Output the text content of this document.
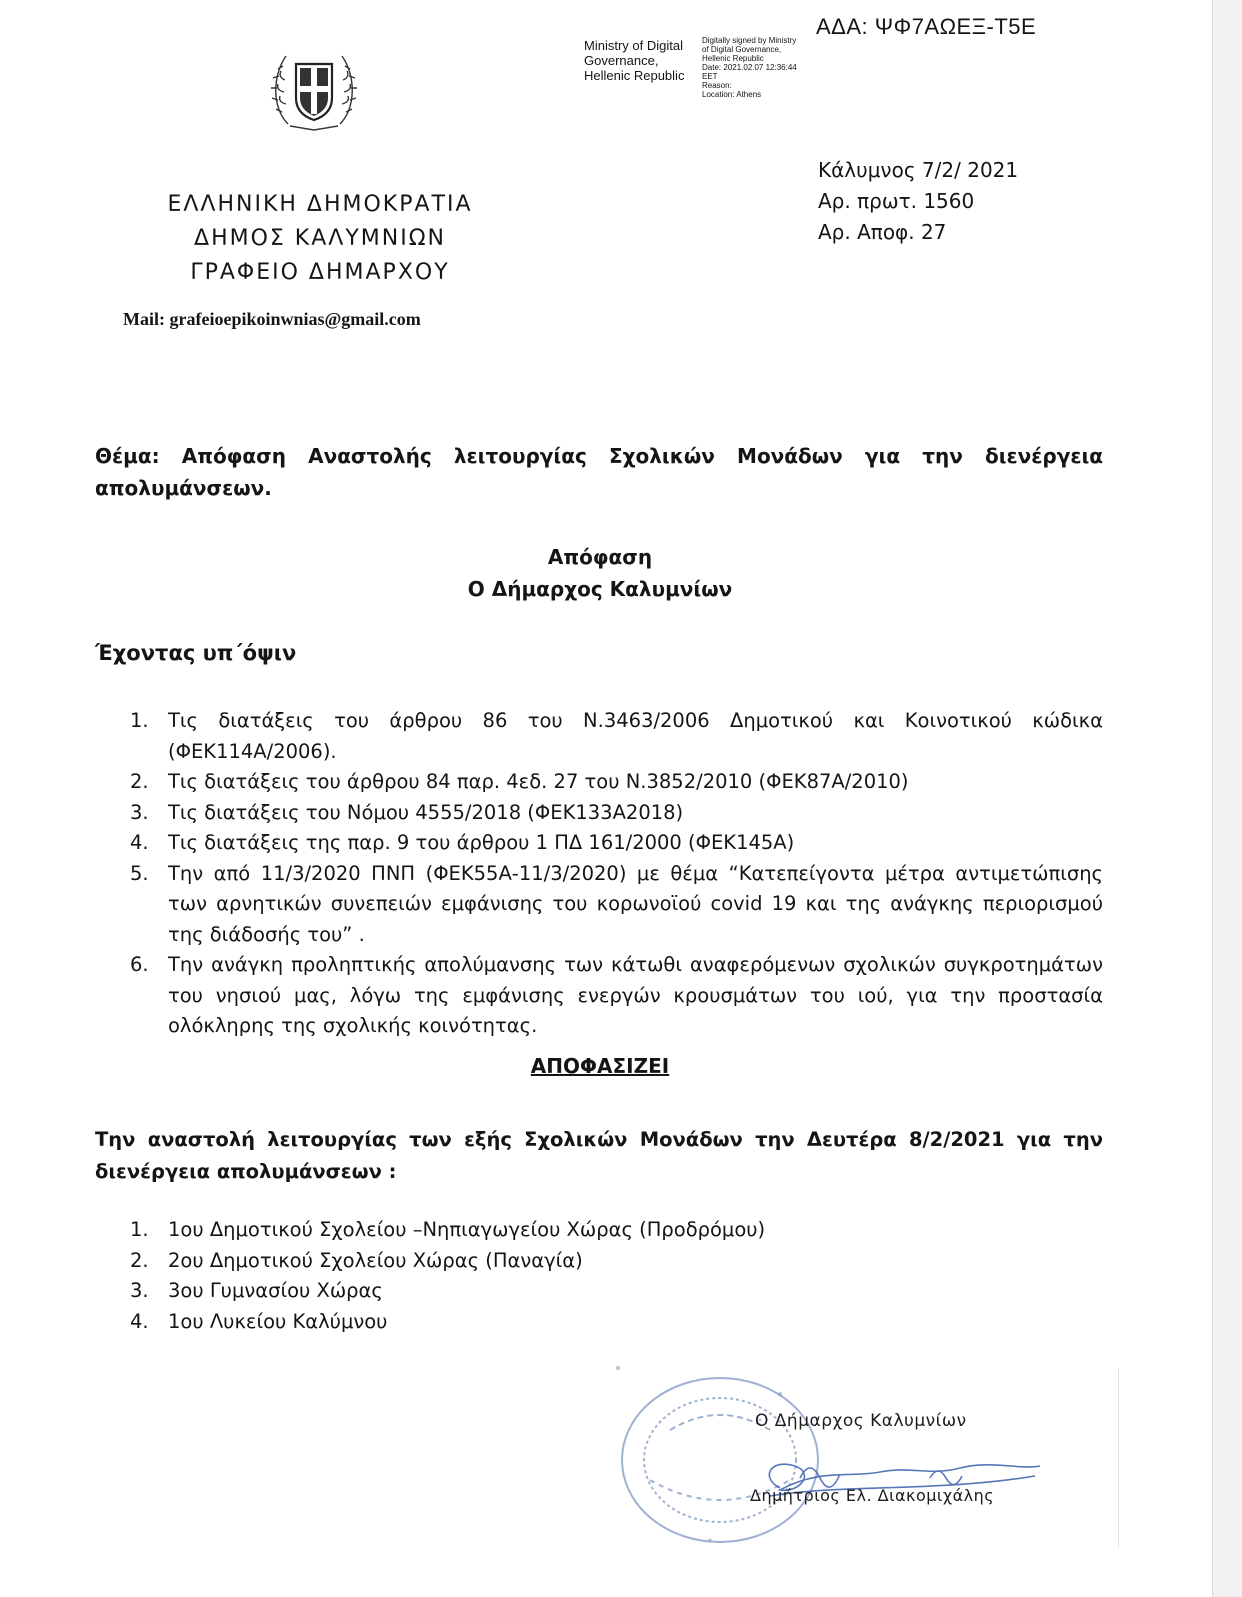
ΑΔΑ: ΨΦ7ΑΩΕΞ-Τ5Ε
Ministry of Digital
Governance,
Hellenic Republic
Digitally signed by Ministry
of Digital Governance,
Hellenic Republic
Date: 2021.02.07 12:36:44
EET
Reason:
Location: Athens
ΕΛΛΗΝΙΚΗ ΔΗΜΟΚΡΑΤΙΑ
ΔΗΜΟΣ ΚΑΛΥΜΝΙΩΝ
ΓΡΑΦΕΙΟ ΔΗΜΑΡΧΟΥ
Mail: grafeioepikoinwnias@gmail.com
Κάλυμνος 7/2/ 2021
Αρ. πρωτ. 1560
Αρ. Αποφ. 27
Θέμα: Απόφαση Αναστολής λειτουργίας Σχολικών Μονάδων για την διενέργεια απολυμάνσεων.
Απόφαση
Ο Δήμαρχος Καλυμνίων
Έχοντας υπ΄όψιν
1. Τις διατάξεις του άρθρου 86 του Ν.3463/2006 Δημοτικού και Κοινοτικού κώδικα (ΦΕΚ114Α/2006).
2. Τις διατάξεις του άρθρου 84 παρ. 4εδ. 27 του Ν.3852/2010 (ΦΕΚ87Α/2010)
3. Τις διατάξεις του Νόμου 4555/2018 (ΦΕΚ133Α2018)
4. Τις διατάξεις της παρ. 9 του άρθρου 1 ΠΔ 161/2000 (ΦΕΚ145Α)
5. Την από 11/3/2020 ΠΝΠ (ΦΕΚ55Α-11/3/2020) με θέμα “Κατεπείγοντα μέτρα αντιμετώπισης των αρνητικών συνεπειών εμφάνισης του κορωνοϊού covid 19 και της ανάγκης περιορισμού της διάδοσής του” .
6. Την ανάγκη προληπτικής απολύμανσης των κάτωθι αναφερόμενων σχολικών συγκροτημάτων του νησιού μας, λόγω της εμφάνισης ενεργών κρουσμάτων του ιού, για την προστασία ολόκληρης της σχολικής κοινότητας.
ΑΠΟΦΑΣΙΖΕΙ
Την αναστολή λειτουργίας των εξής Σχολικών Μονάδων την Δευτέρα 8/2/2021 για την διενέργεια απολυμάνσεων :
1. 1ου Δημοτικού Σχολείου –Νηπιαγωγείου Χώρας (Προδρόμου)
2. 2ου Δημοτικού Σχολείου Χώρας (Παναγία)
3. 3ου Γυμνασίου Χώρας
4. 1ου Λυκείου Καλύμνου
Ο Δήμαρχος Καλυμνίων
Δημήτριος Ελ. Διακομιχάλης
